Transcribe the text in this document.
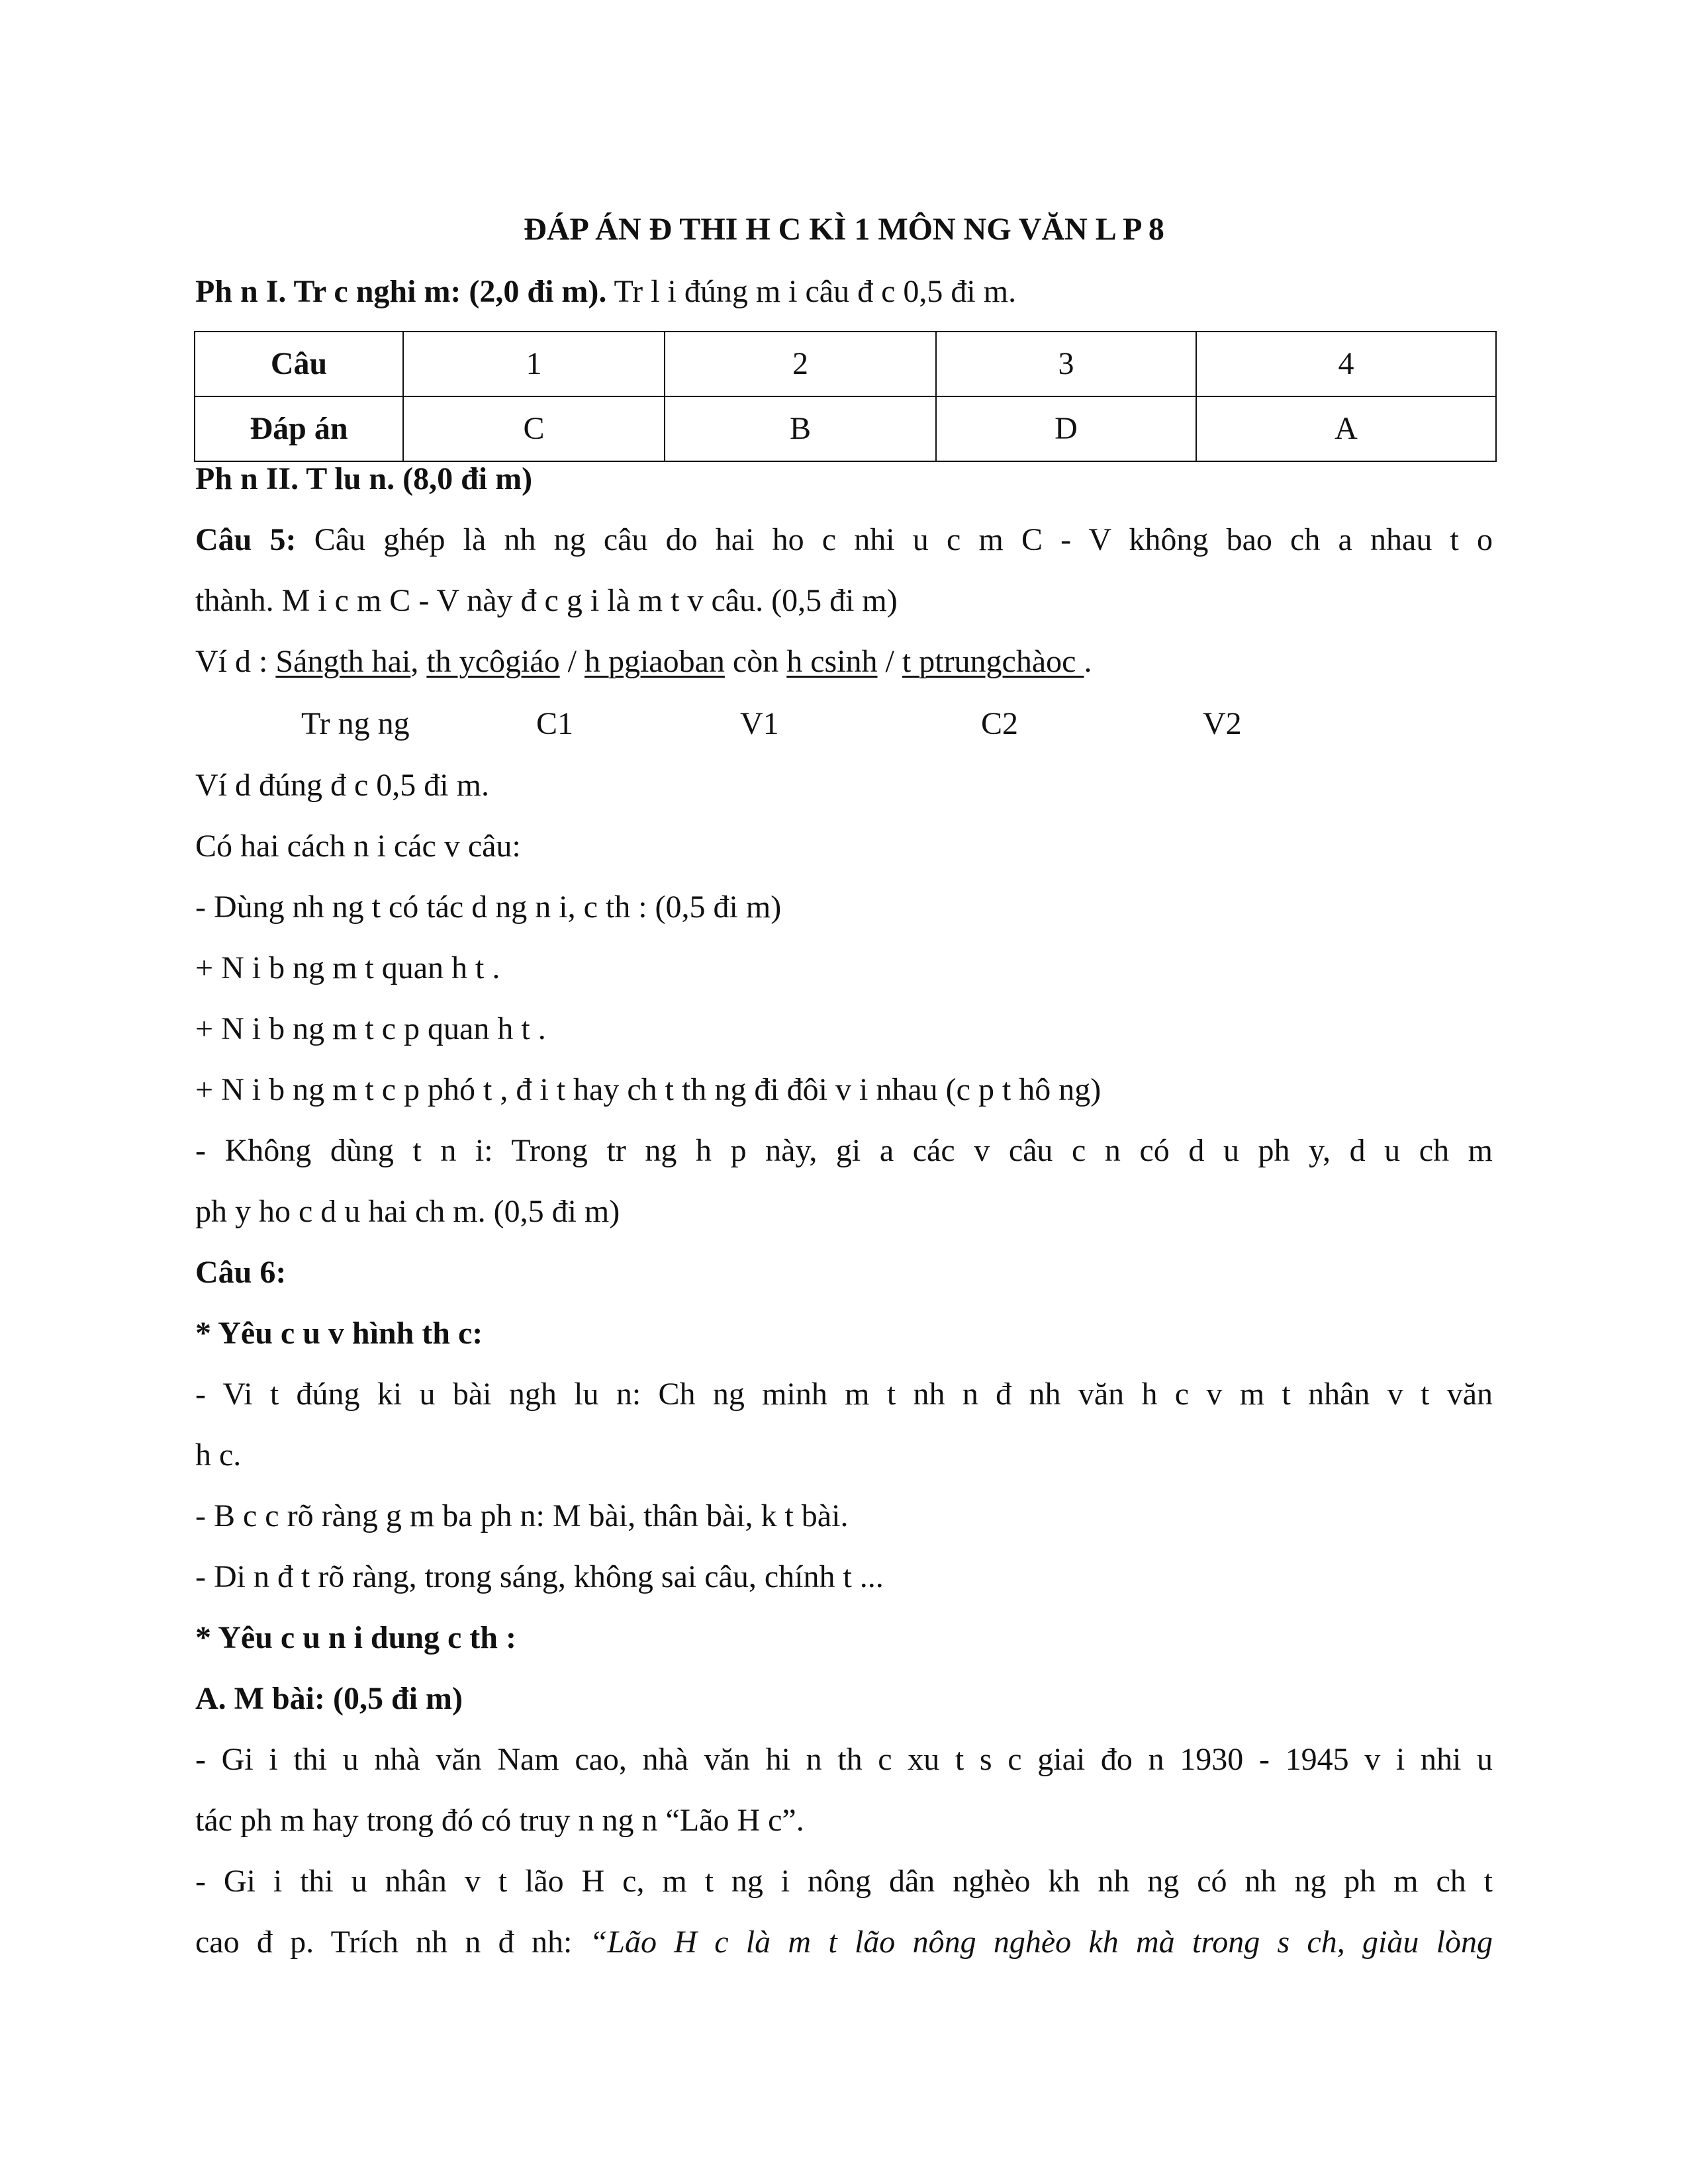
ĐÁP ÁN Đ THI H C KÌ 1 MÔN NG VĂN L P 8
Ph n I. Tr c nghi m: (2,0 đi m). Tr l i đúng m i câu đ c 0,5 đi m.
Câu	1	2	3	4
Đáp án	C	B	D	A
Ph n II. T lu n. (8,0 đi m)
Câu 5: Câu ghép là nh ng câu do hai ho c nhi u c m C - V không bao ch a nhau t o
thành. M i c m C - V này đ c g i là m t v câu. (0,5 đi m)
Ví d : Sángth hai, th ycôgiáo / h pgiaoban còn h csinh / t ptrungchàoc .
Tr ng ng	C1	V1	C2	V2
Ví d đúng đ c 0,5 đi m.
Có hai cách n i các v câu:
- Dùng nh ng t có tác d ng n i, c th : (0,5 đi m)
+ N i b ng m t quan h t .
+ N i b ng m t c p quan h t .
+ N i b ng m t c p phó t , đ i t hay ch t th ng đi đôi v i nhau (c p t hô ng)
- Không dùng t n i: Trong tr ng h p này, gi a các v câu c n có d u ph y, d u ch m
ph y ho c d u hai ch m. (0,5 đi m)
Câu 6:
* Yêu c u v hình th c:
- Vi t đúng ki u bài ngh lu n: Ch ng minh m t nh n đ nh văn h c v m t nhân v t văn
h c.
- B c c rõ ràng g m ba ph n: M bài, thân bài, k t bài.
- Di n đ t rõ ràng, trong sáng, không sai câu, chính t ...
* Yêu c u n i dung c th :
A. M bài: (0,5 đi m)
- Gi i thi u nhà văn Nam cao, nhà văn hi n th c xu t s c giai đo n 1930 - 1945 v i nhi u
tác ph m hay trong đó có truy n ng n “Lão H c”.
- Gi i thi u nhân v t lão H c, m t ng i nông dân nghèo kh nh ng có nh ng ph m ch t
cao đ p. Trích nh n đ nh: “Lão H c là m t lão nông nghèo kh mà trong s ch, giàu lòng
